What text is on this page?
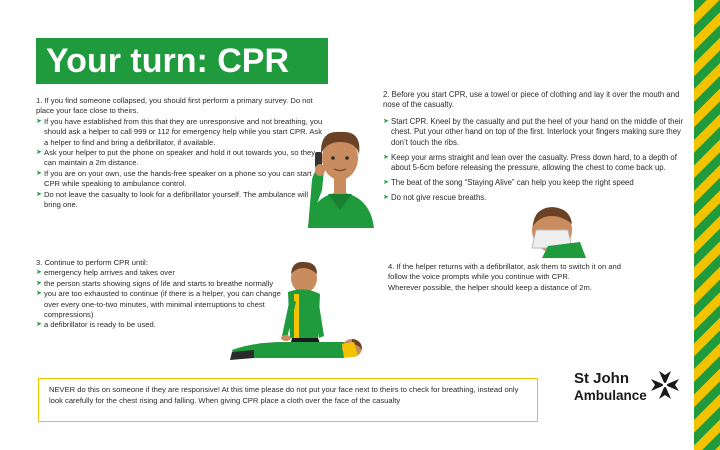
Your turn: CPR

1. If you find someone collapsed, you should first perform a primary survey. Do not place your face close to theirs.

➤ If you have established from this that they are unresponsive and not breathing, you should ask a helper to call 999 or 112 for emergency help while you start CPR. Ask a helper to find and bring a defibrillator, if available.
➤ Ask your helper to put the phone on speaker and hold it out towards you, so they can maintain a 2m distance.
➤ If you are on your own, use the hands-free speaker on a phone so you can start CPR while speaking to ambulance control.
➤ Do not leave the casualty to look for a defibrillator yourself. The ambulance will bring one.

2. Before you start CPR, use a towel or piece of clothing and lay it over the mouth and nose of the casualty.

➤ Start CPR. Kneel by the casualty and put the heel of your hand on the middle of their chest. Put your other hand on top of the first. Interlock your fingers making sure they don’t touch the ribs.
➤ Keep your arms straight and lean over the casualty. Press down hard, to a depth of about 5-6cm before releasing the pressure, allowing the chest to come back up.
➤ The beat of the song “Staying Alive” can help you keep the right speed
➤ Do not give rescue breaths.

3. Continue to perform CPR until:

➤ emergency help arrives and takes over
➤ the person starts showing signs of life and starts to breathe normally
➤ you are too exhausted to continue (if there is a helper, you can change over every one-to-two minutes, with minimal interruptions to chest compressions)
➤ a defibrillator is ready to be used.

4. If the helper returns with a defibrillator, ask them to switch it on and follow the voice prompts while you continue with CPR.

Wherever possible, the helper should keep a distance of 2m.

NEVER do this on someone if they are responsive! At this time please do not put your face next to theirs to check for breathing, instead only look carefully for the chest rising and falling. When giving CPR place a cloth over the face of the casualty

St John
Ambulance
